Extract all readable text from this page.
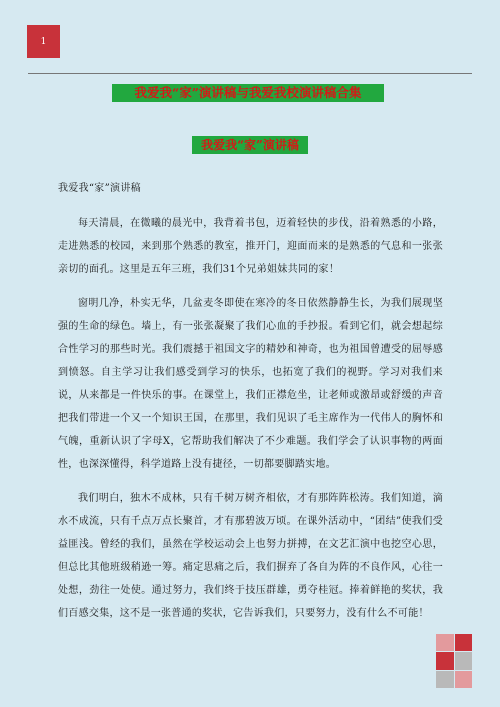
1
我爱我“家”演讲稿与我爱我校演讲稿合集
我爱我“家”演讲稿

我爱我“家”演讲稿

每天清晨，在微曦的晨光中，我背着书包，迈着轻快的步伐，沿着熟悉的小路，走进熟悉的校园，来到那个熟悉的教室，推开门，迎面而来的是熟悉的气息和一张张亲切的面孔。这里是五年三班，我们31个兄弟姐妹共同的家！

窗明几净，朴实无华，几盆麦冬即使在寒冷的冬日依然静静生长，为我们展现坚强的生命的绿色。墙上，有一张张凝聚了我们心血的手抄报。看到它们，就会想起综合性学习的那些时光。我们震撼于祖国文字的精妙和神奇，也为祖国曾遭受的屈辱感到愤怒。自主学习让我们感受到学习的快乐，也拓宽了我们的视野。学习对我们来说，从来都是一件快乐的事。在课堂上，我们正襟危坐，让老师或激昂或舒缓的声音把我们带进一个又一个知识王国，在那里，我们见识了毛主席作为一代伟人的胸怀和气魄，重新认识了字母X，它帮助我们解决了不少难题。我们学会了认识事物的两面性，也深深懂得，科学道路上没有捷径，一切都要脚踏实地。

我们明白，独木不成林，只有千树万树齐相依，才有那阵阵松涛。我们知道，滴水不成流，只有千点万点长聚首，才有那碧波万顷。在课外活动中，“团结”使我们受益匪浅。曾经的我们，虽然在学校运动会上也努力拼搏，在文艺汇演中也挖空心思，但总比其他班级稍逊一筹。痛定思痛之后，我们摒弃了各自为阵的不良作风，心往一处想，劲往一处使。通过努力，我们终于技压群雄，勇夺桂冠。捧着鲜艳的奖状，我们百感交集，这不是一张普通的奖状，它告诉我们，只要努力，没有什么不可能！
